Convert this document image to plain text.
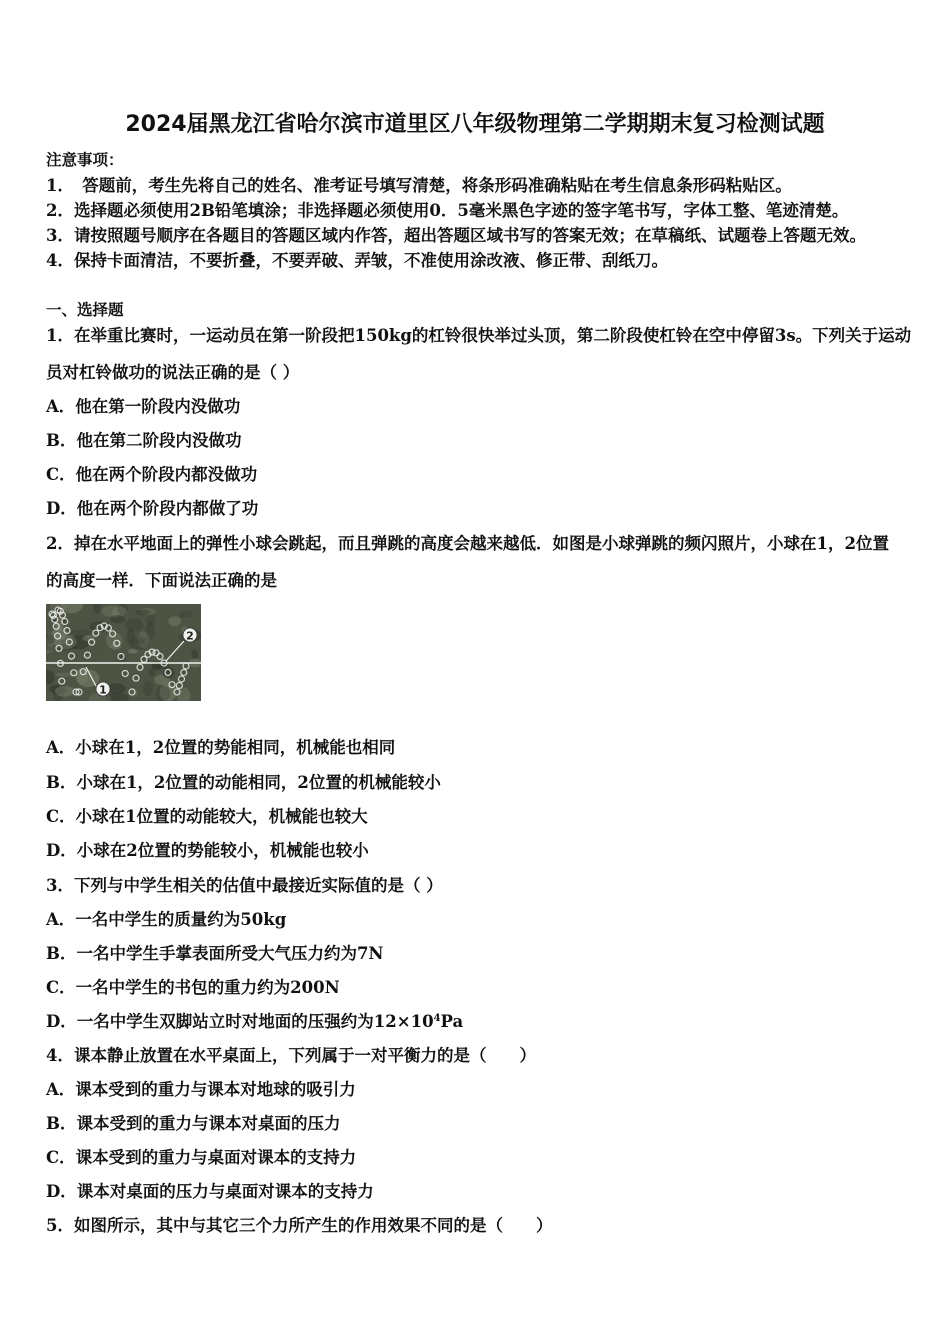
2024届黑龙江省哈尔滨市道里区八年级物理第二学期期末复习检测试题
注意事项：
1．　答题前，考生先将自己的姓名、准考证号填写清楚，将条形码准确粘贴在考生信息条形码粘贴区。
2．选择题必须使用2B铅笔填涂；非选择题必须使用0．5毫米黑色字迹的签字笔书写，字体工整、笔迹清楚。
3．请按照题号顺序在各题目的答题区域内作答，超出答题区域书写的答案无效；在草稿纸、试题卷上答题无效。
4．保持卡面清洁，不要折叠，不要弄破、弄皱，不准使用涂改液、修正带、刮纸刀。
一、选择题
1．在举重比赛时，一运动员在第一阶段把150kg的杠铃很快举过头顶，第二阶段使杠铃在空中停留3s。下列关于运动
员对杠铃做功的说法正确的是（ ）
A．他在第一阶段内没做功
B．他在第二阶段内没做功
C．他在两个阶段内都没做功
D．他在两个阶段内都做了功
2．掉在水平地面上的弹性小球会跳起，而且弹跳的高度会越来越低．如图是小球弹跳的频闪照片，小球在1，2位置
的高度一样．下面说法正确的是
1
2
A．小球在1，2位置的势能相同，机械能也相同
B．小球在1，2位置的动能相同，2位置的机械能较小
C．小球在1位置的动能较大，机械能也较大
D．小球在2位置的势能较小，机械能也较小
3．下列与中学生相关的估值中最接近实际值的是（ ）
A．一名中学生的质量约为50kg
B．一名中学生手掌表面所受大气压力约为7N
C．一名中学生的书包的重力约为200N
D．一名中学生双脚站立时对地面的压强约为$12\times 10^4Pa$
4．课本静止放置在水平桌面上，下列属于一对平衡力的是（　　）
A．课本受到的重力与课本对地球的吸引力
B．课本受到的重力与课本对桌面的压力
C．课本受到的重力与桌面对课本的支持力
D．课本对桌面的压力与桌面对课本的支持力
5．如图所示，其中与其它三个力所产生的作用效果不同的是（　　）
